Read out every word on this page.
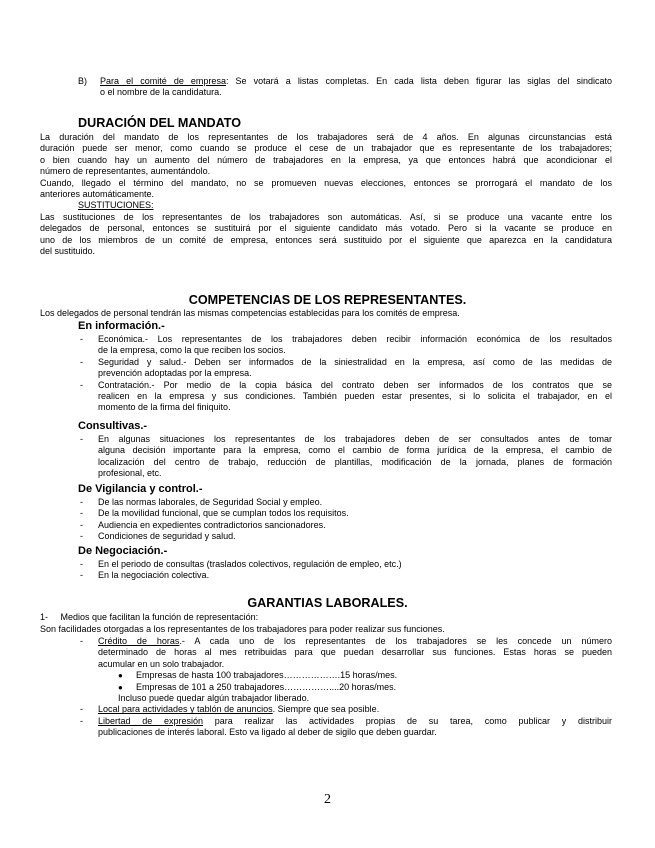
B) Para el comité de empresa: Se votará a listas completas. En cada lista deben figurar las siglas del sindicato
o el nombre de la candidatura.
DURACIÓN DEL MANDATO
La duración del mandato de los representantes de los trabajadores será de 4 años. En algunas circunstancias está
duración puede ser menor, como cuando se produce el cese de un trabajador que es representante de los trabajadores;
o bien cuando hay un aumento del número de trabajadores en la empresa, ya que entonces habrá que acondicionar el
número de representantes, aumentándolo.
Cuando, llegado el término del mandato, no se promueven nuevas elecciones, entonces se prorrogará el mandato de los
anteriores automáticamente.
SUSTITUCIONES:
Las sustituciones de los representantes de los trabajadores son automáticas. Así, si se produce una vacante entre los
delegados de personal, entonces se sustituirá por el siguiente candidato más votado. Pero si la vacante se produce en
uno de los miembros de un comité de empresa, entonces será sustituido por el siguiente que aparezca en la candidatura
del sustituido.
COMPETENCIAS DE LOS REPRESENTANTES.
Los delegados de personal tendrán las mismas competencias establecidas para los comités de empresa.
En información.-
- Económica.- Los representantes de los trabajadores deben recibir información económica de los resultados
de la empresa, como la que reciben los socios.
- Seguridad y salud.- Deben ser informados de la siniestralidad en la empresa, así como de las medidas de
prevención adoptadas por la empresa.
- Contratación.- Por medio de la copia básica del contrato deben ser informados de los contratos que se
realicen en la empresa y sus condiciones. También pueden estar presentes, si lo solicita el trabajador, en el
momento de la firma del finiquito.
Consultivas.-
- En algunas situaciones los representantes de los trabajadores deben de ser consultados antes de tomar
alguna decisión importante para la empresa, como el cambio de forma jurídica de la empresa, el cambio de
localización del centro de trabajo, reducción de plantillas, modificación de la jornada, planes de formación
profesional, etc.
De Vigilancia y control.-
- De las normas laborales, de Seguridad Social y empleo.
- De la movilidad funcional, que se cumplan todos los requisitos.
- Audiencia en expedientes contradictorios sancionadores.
- Condiciones de seguridad y salud.
De Negociación.-
- En el periodo de consultas (traslados colectivos, regulación de empleo, etc.)
- En la negociación colectiva.
GARANTIAS LABORALES.
1- Medios que facilitan la función de representación:
Son facilidades otorgadas a los representantes de los trabajadores para poder realizar sus funciones.
- Crédito de horas.- A cada uno de los representantes de los trabajadores se les concede un número
determinado de horas al mes retribuidas para que puedan desarrollar sus funciones. Estas horas se pueden
acumular en un solo trabajador.
● Empresas de hasta 100 trabajadores……………….15 horas/mes.
● Empresas de 101 a 250 trabajadores……………....20 horas/mes.
Incluso puede quedar algún trabajador liberado.
- Local para actividades y tablón de anuncios. Siempre que sea posible.
- Libertad de expresión para realizar las actividades propias de su tarea, como publicar y distribuir
publicaciones de interés laboral. Esto va ligado al deber de sigilo que deben guardar.
2
